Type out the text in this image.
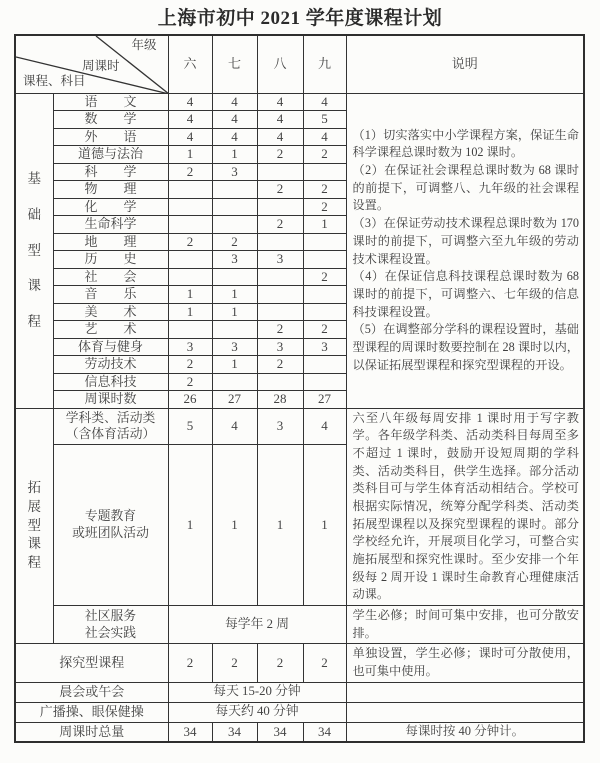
上海市初中 2021 学年度课程计划
年级
周课时
课程、科目		六	七	八	九	说明

基础型课程	语　　文	4	4	4	4	（1）切实落实中小学课程方案，保证生命科学课程总课时数为 102 课时。

（2）在保证社会课程总课时数为 68 课时的前提下，可调整八、九年级的社会课程设置。

（3）在保证劳动技术课程总课时数为 170 课时的前提下，可调整六至九年级的劳动技术课程设置。

（4）在保证信息科技课程总课时数为 68 课时的前提下，可调整六、七年级的信息科技课程设置。

（5）在调整部分学科的课程设置时，基础型课程的周课时数要控制在 28 课时以内，以保证拓展型课程和探究型课程的开设。

	数　　学	4	4	4	5	
	外　　语	4	4	4	4	
	道德与法治	1	1	2	2	
	科　　学	2	3			
	物　　理			2	2	
	化　　学				2	
	生命科学			2	1	
	地　　理	2	2			
	历　　史		3	3		
	社　　会				2	
	音　　乐	1	1			
	美　　术	1	1			
	艺　　术			2	2	
	体育与健身	3	3	3	3	
	劳动技术	2	1	2		
	信息科技	2				
	周课时数	26	27	28	27	

拓展型课程	学科类、活动类
（含体育活动）	5	4	3	4	六至八年级每周安排 1 课时用于写字教学。各年级学科类、活动类科目每周至多不超过 1 课时，鼓励开设短周期的学科类、活动类科目，供学生选择。部分活动类科目可与学生体育活动相结合。学校可根据实际情况，统筹分配学科类、活动类拓展型课程以及探究型课程的课时。部分学校经允许，开展项目化学习，可整合实施拓展型和探究性课时。至少安排一个年级每 2 周开设 1 课时生命教育心理健康活动课。

	专题教育
或班团队活动	1	1	1	1	

	社区服务
社会实践	每学年 2 周				学生必修；时间可集中安排，也可分散安排。

探究型课程		2	2	2	2	单独设置，学生必修；课时可分散使用，也可集中使用。

晨会或午会		每天 15-20 分钟				
广播操、眼保健操		每天约 40 分钟				
周课时总量		34	34	34	34	每课时按 40 分钟计。
